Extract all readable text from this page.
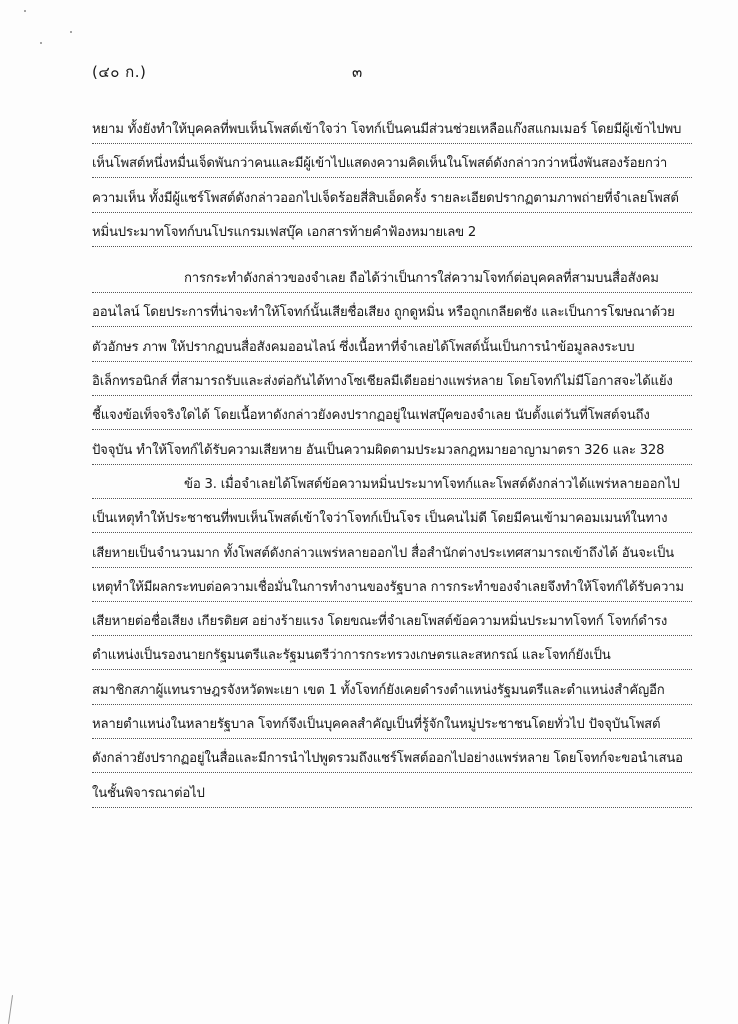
(๔๐ ก.)	๓
หยาม ทั้งยังทำให้บุคคลที่พบเห็นโพสต์เข้าใจว่า โจทก์เป็นคนมีส่วนช่วยเหลือแก๊งสแกมเมอร์ โดยมีผู้เข้าไปพบ
เห็นโพสต์หนึ่งหมื่นเจ็ดพันกว่าคนและมีผู้เข้าไปแสดงความคิดเห็นในโพสต์ดังกล่าวกว่าหนึ่งพันสองร้อยกว่า
ความเห็น ทั้งมีผู้แชร์โพสต์ดังกล่าวออกไปเจ็ดร้อยสี่สิบเอ็ดครั้ง รายละเอียดปรากฏตามภาพถ่ายที่จำเลยโพสต์
หมิ่นประมาทโจทก์บนโปรแกรมเฟสบุ๊ค เอกสารท้ายคำฟ้องหมายเลข 2
การกระทำดังกล่าวของจำเลย ถือได้ว่าเป็นการใส่ความโจทก์ต่อบุคคลที่สามบนสื่อสังคม
ออนไลน์ โดยประการที่น่าจะทำให้โจทก์นั้นเสียชื่อเสียง ถูกดูหมิ่น หรือถูกเกลียดชัง และเป็นการโฆษณาด้วย
ตัวอักษร ภาพ ให้ปรากฏบนสื่อสังคมออนไลน์ ซึ่งเนื้อหาที่จำเลยได้โพสต์นั้นเป็นการนำข้อมูลลงระบบ
อิเล็กทรอนิกส์ ที่สามารถรับและส่งต่อกันได้ทางโซเชียลมีเดียอย่างแพร่หลาย โดยโจทก์ไม่มีโอกาสจะได้แย้ง
ชี้แจงข้อเท็จจริงใดได้ โดยเนื้อหาดังกล่าวยังคงปรากฏอยู่ในเฟสบุ๊คของจำเลย นับตั้งแต่วันที่โพสต์จนถึง
ปัจจุบัน ทำให้โจทก์ได้รับความเสียหาย อันเป็นความผิดตามประมวลกฎหมายอาญามาตรา 326 และ 328
ข้อ 3. เมื่อจำเลยได้โพสต์ข้อความหมิ่นประมาทโจทก์และโพสต์ดังกล่าวได้แพร่หลายออกไป
เป็นเหตุทำให้ประชาชนที่พบเห็นโพสต์เข้าใจว่าโจทก์เป็นโจร เป็นคนไม่ดี โดยมีคนเข้ามาคอมเมนท์ในทาง
เสียหายเป็นจำนวนมาก ทั้งโพสต์ดังกล่าวแพร่หลายออกไป สื่อสำนักต่างประเทศสามารถเข้าถึงได้ อันจะเป็น
เหตุทำให้มีผลกระทบต่อความเชื่อมั่นในการทำงานของรัฐบาล การกระทำของจำเลยจึงทำให้โจทก์ได้รับความ
เสียหายต่อชื่อเสียง เกียรติยศ อย่างร้ายแรง โดยขณะที่จำเลยโพสต์ข้อความหมิ่นประมาทโจทก์ โจทก์ดำรง
ตำแหน่งเป็นรองนายกรัฐมนตรีและรัฐมนตรีว่าการกระทรวงเกษตรและสหกรณ์ และโจทก์ยังเป็น
สมาชิกสภาผู้แทนราษฎรจังหวัดพะเยา เขต 1 ทั้งโจทก์ยังเคยดำรงตำแหน่งรัฐมนตรีและตำแหน่งสำคัญอีก
หลายตำแหน่งในหลายรัฐบาล โจทก์จึงเป็นบุคคลสำคัญเป็นที่รู้จักในหมู่ประชาชนโดยทั่วไป ปัจจุบันโพสต์
ดังกล่าวยังปรากฏอยู่ในสื่อและมีการนำไปพูดรวมถึงแชร์โพสต์ออกไปอย่างแพร่หลาย โดยโจทก์จะขอนำเสนอ
ในชั้นพิจารณาต่อไป
